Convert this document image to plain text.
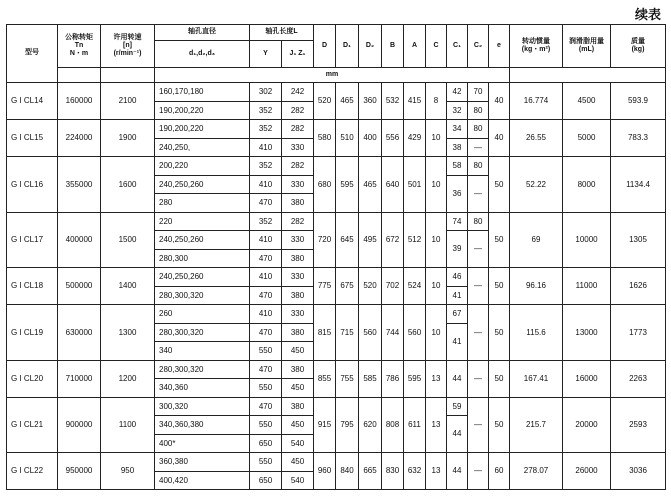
续表
型号	公称转矩
Tn
N・m	许用转速
[n]
(r/min⁻¹)	轴孔直径	轴孔长度L		D	D₁	D₂	B	A	C	C₁	C₂	e	转动惯量
(kg・m²)	润滑脂用量
(mL)	质量
(kg)

			d₁,d₂,d₃	Y	J₁ Z₁												
			mm														
G I CL14	160000	2100	160,170,180	302	242	520	465	360	532	415	8	42	70	40	16.774	4500	593.9
			190,200,220	352	282							32	80				
G I CL15	224000	1900	190,200,220	352	282	580	510	400	556	429	10	34	80	40	26.55	5000	783.3
			240,250,	410	330							38	—				
G I CL16	355000	1600	200,220	352	282	680	595	465	640	501	10	58	80	50	52.22	8000	1134.4
			240,250,260	410	330							36	—				
			280	470	380												
G I CL17	400000	1500	220	352	282	720	645	495	672	512	10	74	80	50	69	10000	1305
			240,250,260	410	330							39	—				
			280,300	470	380												
G I CL18	500000	1400	240,250,260	410	330	775	675	520	702	524	10	46	—	50	96.16	11000	1626
			280,300,320	470	380							41					
G I CL19	630000	1300	260	410	330	815	715	560	744	560	10	67	—	50	115.6	13000	1773
			280,300,320	470	380							41					
			340	550	450												
G I CL20	710000	1200	280,300,320	470	380	855	755	585	786	595	13	44	—	50	167.41	16000	2263
			340,360	550	450												
G I CL21	900000	1100	300,320	470	380	915	795	620	808	611	13	59	—	50	215.7	20000	2593
			340,360,380	550	450							44					
			400*	650	540												
G I CL22	950000	950	360,380	550	450	960	840	665	830	632	13	44	—	60	278.07	26000	3036
			400,420	650	540												
